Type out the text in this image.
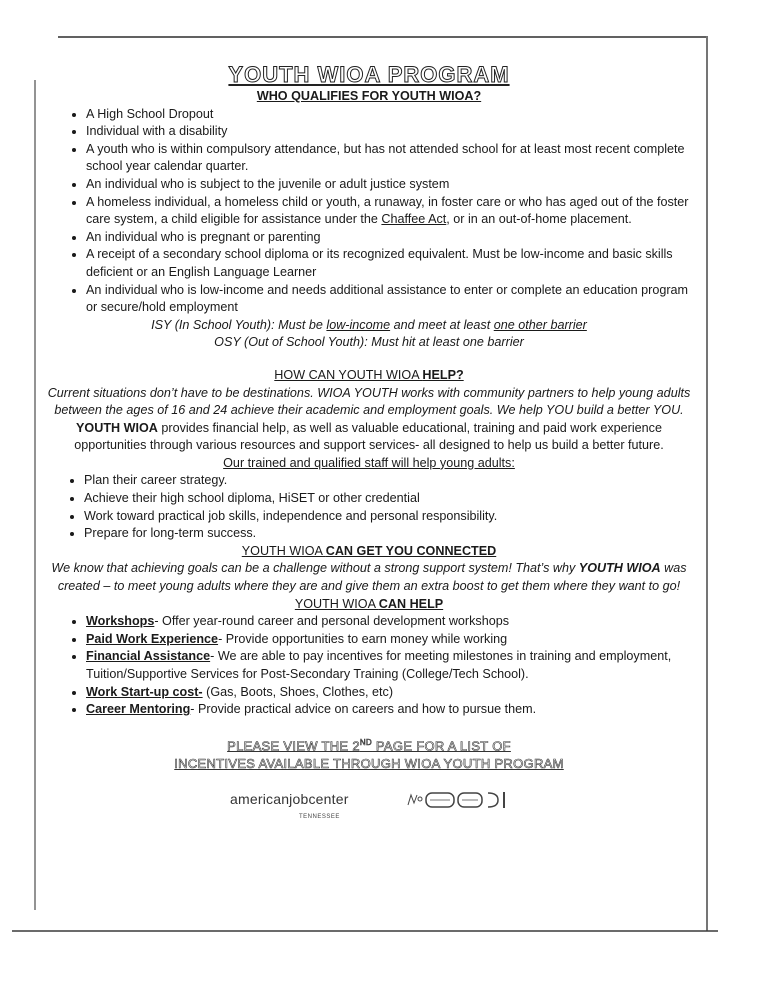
YOUTH WIOA PROGRAM
WHO QUALIFIES FOR YOUTH WIOA?
• A High School Dropout
• Individual with a disability
• A youth who is within compulsory attendance, but has not attended school for at least most recent complete school year calendar quarter.
• An individual who is subject to the juvenile or adult justice system
• A homeless individual, a homeless child or youth, a runaway, in foster care or who has aged out of the foster care system, a child eligible for assistance under the Chaffee Act, or in an out-of-home placement.
• An individual who is pregnant or parenting
• A receipt of a secondary school diploma or its recognized equivalent. Must be low-income and basic skills deficient or an English Language Learner
• An individual who is low-income and needs additional assistance to enter or complete an education program or secure/hold employment
ISY (In School Youth): Must be low-income and meet at least one other barrier
OSY (Out of School Youth): Must hit at least one barrier
HOW CAN YOUTH WIOA HELP?
Current situations don’t have to be destinations. WIOA YOUTH works with community partners to help young adults between the ages of 16 and 24 achieve their academic and employment goals. We help YOU build a better YOU.
YOUTH WIOA provides financial help, as well as valuable educational, training and paid work experience opportunities through various resources and support services- all designed to help us build a better future.
Our trained and qualified staff will help young adults:
• Plan their career strategy.
• Achieve their high school diploma, HiSET or other credential
• Work toward practical job skills, independence and personal responsibility.
• Prepare for long-term success.
YOUTH WIOA CAN GET YOU CONNECTED
We know that achieving goals can be a challenge without a strong support system! That’s why YOUTH WIOA was created – to meet young adults where they are and give them an extra boost to get them where they want to go!
YOUTH WIOA CAN HELP
• Workshops- Offer year-round career and personal development workshops
• Paid Work Experience- Provide opportunities to earn money while working
• Financial Assistance- We are able to pay incentives for meeting milestones in training and employment, Tuition/Supportive Services for Post-Secondary Training (College/Tech School).
• Work Start-up cost- (Gas, Boots, Shoes, Clothes, etc)
• Career Mentoring- Provide practical advice on careers and how to pursue them.
PLEASE VIEW THE 2ND PAGE FOR A LIST OF
INCENTIVES AVAILABLE THROUGH WIOA YOUTH PROGRAM
americanjobcenter
TENNESSEE
